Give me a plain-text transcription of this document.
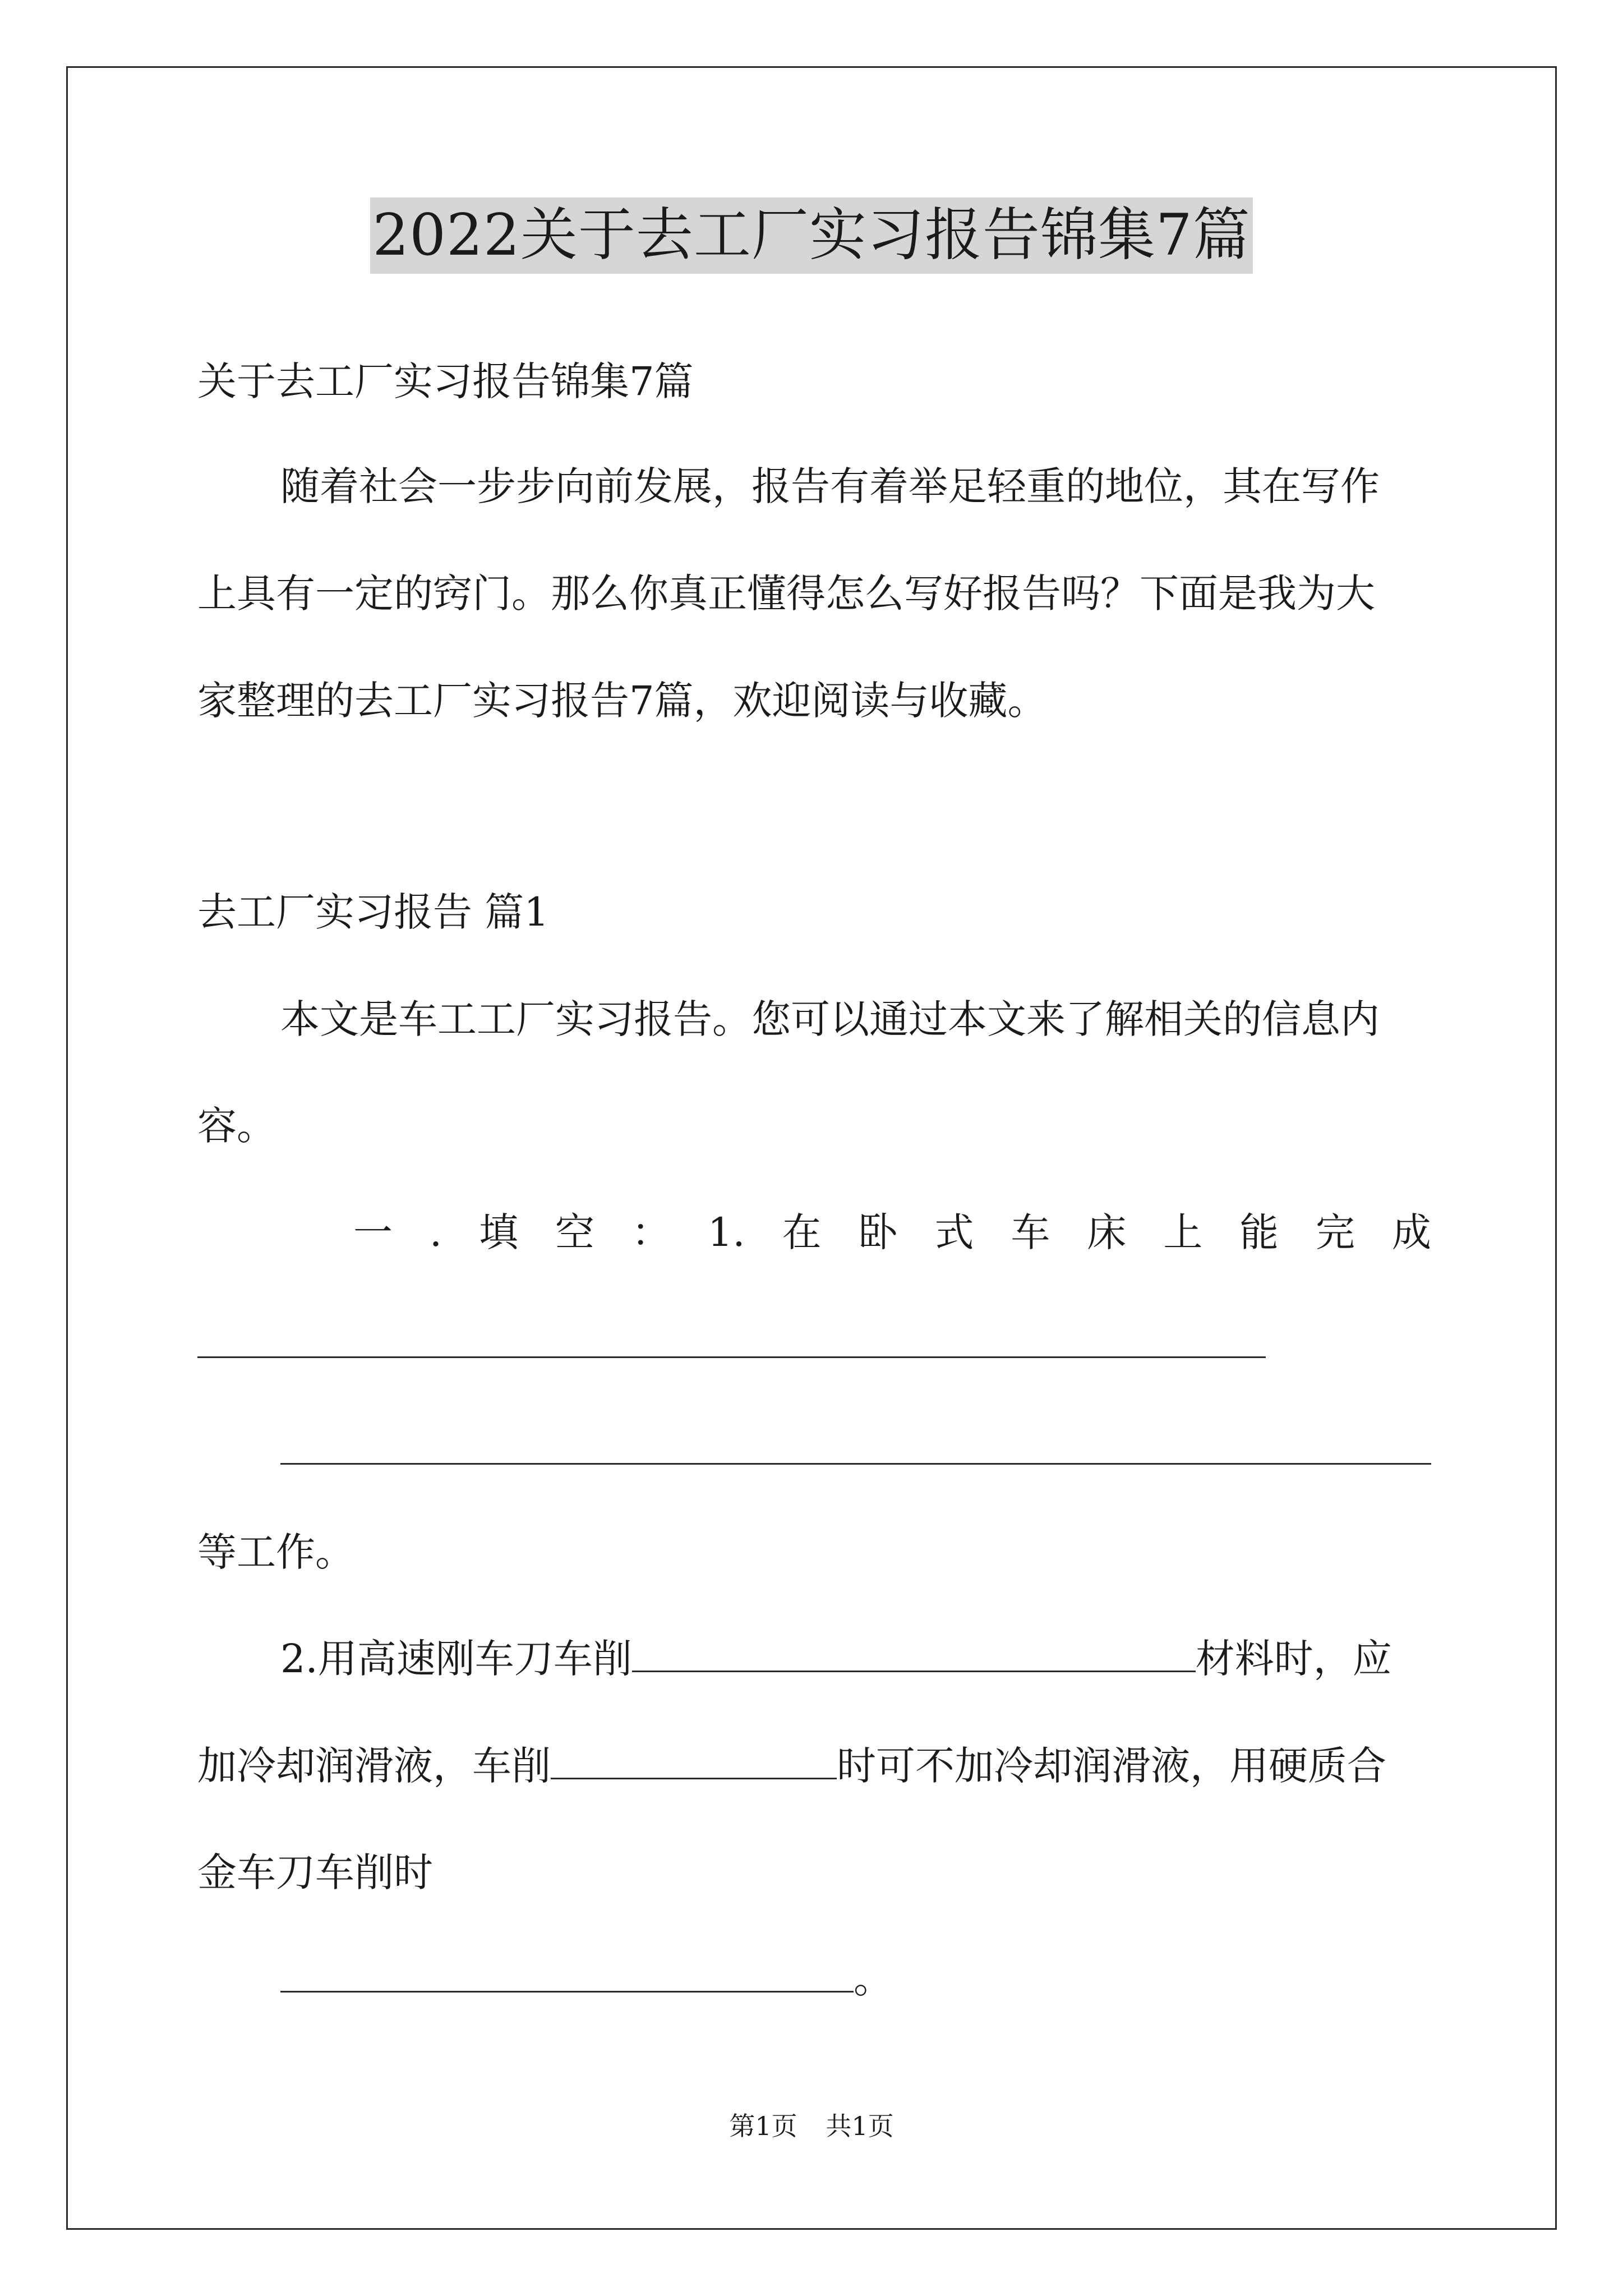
2022关于去工厂实习报告锦集7篇
关于去工厂实习报告锦集7篇
随着社会一步步向前发展，报告有着举足轻重的地位，其在写作
上具有一定的窍门。那么你真正懂得怎么写好报告吗？下面是我为大
家整理的去工厂实习报告7篇，欢迎阅读与收藏。
去工厂实习报告 篇1
本文是车工工厂实习报告。您可以通过本文来了解相关的信息内
容。
一 . 填 空 ： 1. 在 卧 式 车 床 上 能 完 成
等工作。
2.用高速刚车刀车削	材料时，应
加冷却润滑液，车削	时可不加冷却润滑液，用硬质合
金车刀车削时
。
第1页 共1页
